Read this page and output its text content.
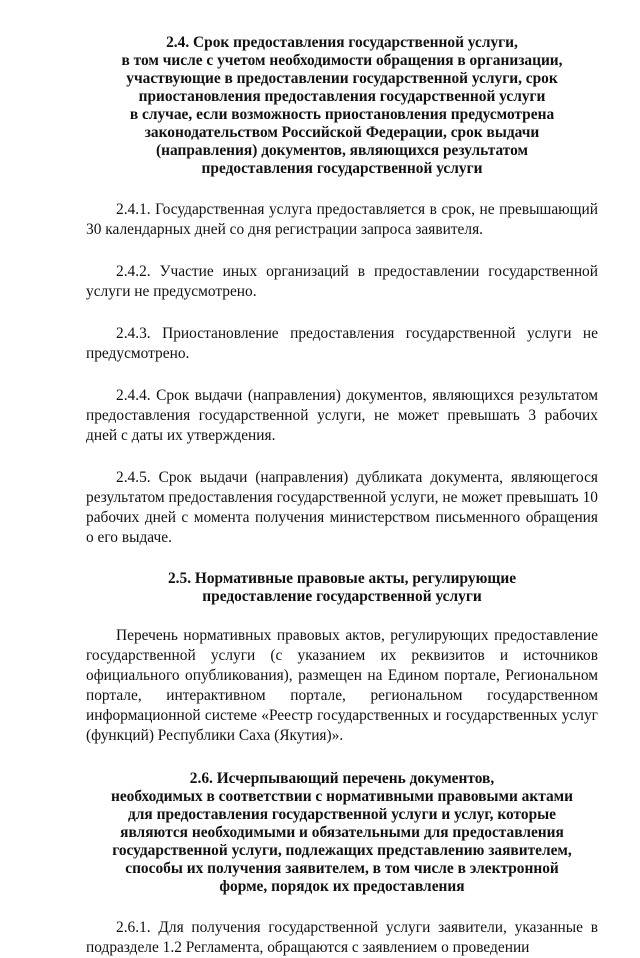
2.4. Срок предоставления государственной услуги,
в том числе с учетом необходимости обращения в организации,
участвующие в предоставлении государственной услуги, срок
приостановления предоставления государственной услуги
в случае, если возможность приостановления предусмотрена
законодательством Российской Федерации, срок выдачи
(направления) документов, являющихся результатом
предоставления государственной услуги

2.4.1. Государственная услуга предоставляется в срок, не превышающий 30 календарных дней со дня регистрации запроса заявителя.

2.4.2. Участие иных организаций в предоставлении государственной услуги не предусмотрено.

2.4.3. Приостановление предоставления государственной услуги не предусмотрено.

2.4.4. Срок выдачи (направления) документов, являющихся результатом предоставления государственной услуги, не может превышать 3 рабочих дней с даты их утверждения.

2.4.5. Срок выдачи (направления) дубликата документа, являющегося результатом предоставления государственной услуги, не может превышать 10 рабочих дней с момента получения министерством письменного обращения о его выдаче.

2.5. Нормативные правовые акты, регулирующие
предоставление государственной услуги

Перечень нормативных правовых актов, регулирующих предоставление государственной услуги (с указанием их реквизитов и источников официального опубликования), размещен на Едином портале, Региональном портале, интерактивном портале, региональном государственном информационной системе «Реестр государственных и государственных услуг (функций) Республики Саха (Якутия)».

2.6. Исчерпывающий перечень документов,
необходимых в соответствии с нормативными правовыми актами
для предоставления государственной услуги и услуг, которые
являются необходимыми и обязательными для предоставления
государственной услуги, подлежащих представлению заявителем,
способы их получения заявителем, в том числе в электронной
форме, порядок их предоставления

2.6.1. Для получения государственной услуги заявители, указанные в подразделе 1.2 Регламента, обращаются с заявлением о проведении
